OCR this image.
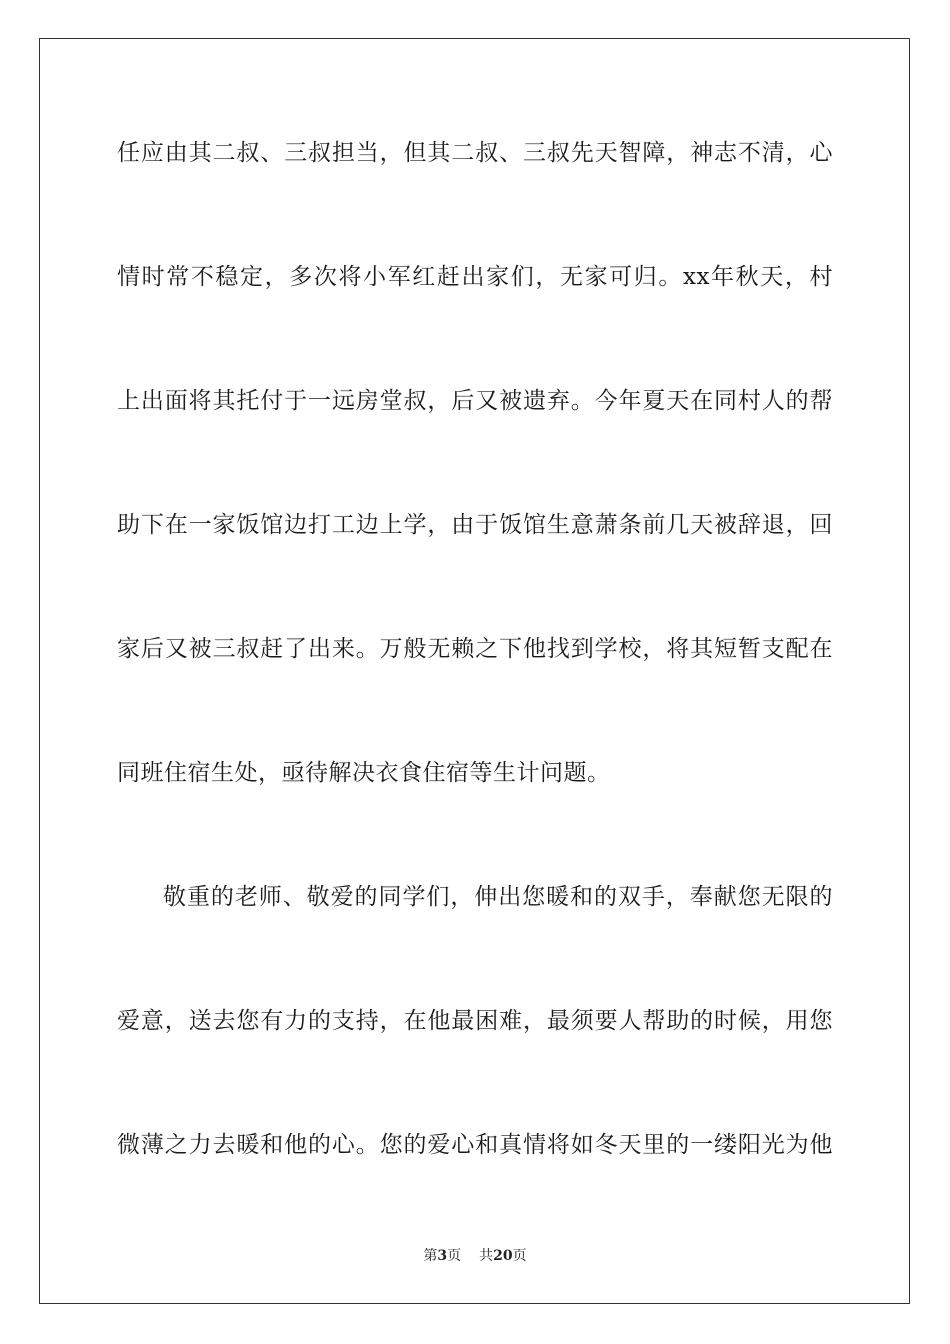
任应由其二叔、三叔担当，但其二叔、三叔先天智障，神志不清，心
情时常不稳定，多次将小军红赶出家们，无家可归。xx年秋天，村
上出面将其托付于一远房堂叔，后又被遗弃。今年夏天在同村人的帮
助下在一家饭馆边打工边上学，由于饭馆生意萧条前几天被辞退，回
家后又被三叔赶了出来。万般无赖之下他找到学校，将其短暂支配在
同班住宿生处，亟待解决衣食住宿等生计问题。
敬重的老师、敬爱的同学们，伸出您暖和的双手，奉献您无限的
爱意，送去您有力的支持，在他最困难，最须要人帮助的时候，用您
微薄之力去暖和他的心。您的爱心和真情将如冬天里的一缕阳光为他
第3页 共20页
